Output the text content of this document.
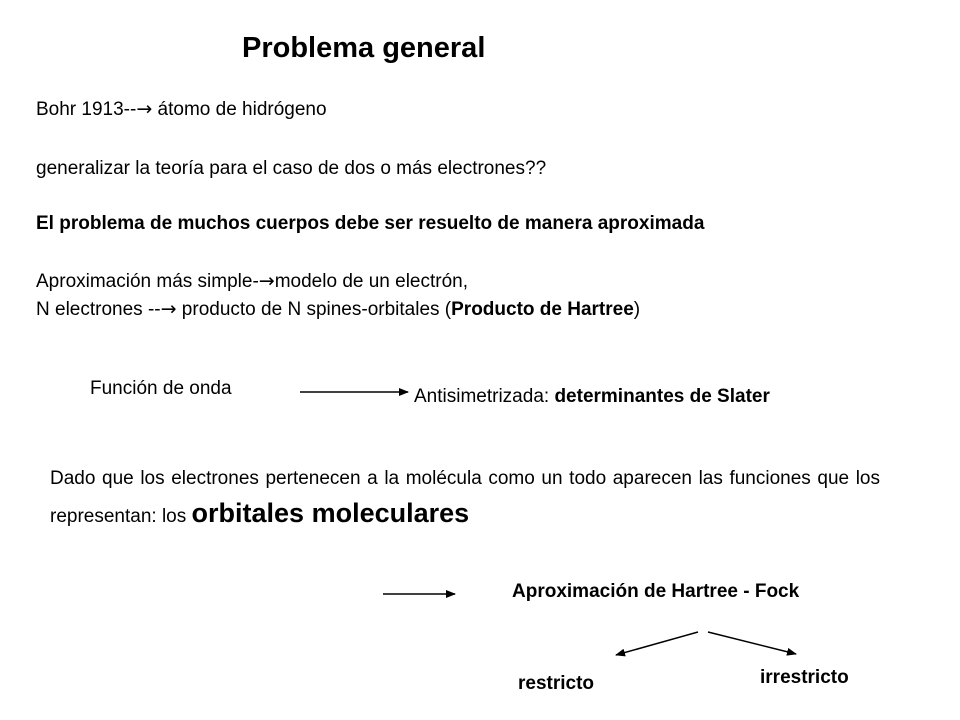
Problema general
Bohr 1913--→ átomo de hidrógeno
generalizar la teoría para el caso de dos o más electrones??
El problema de muchos cuerpos debe ser resuelto de manera aproximada
Aproximación más simple-→modelo de un electrón,
N electrones --→ producto de N spines-orbitales (Producto de Hartree)
Función de onda	Antisimetrizada: determinantes de Slater
Dado que los electrones pertenecen a la molécula como un todo aparecen las funciones que los representan: los orbitales moleculares
Aproximación de Hartree - Fock
restricto	irrestricto
